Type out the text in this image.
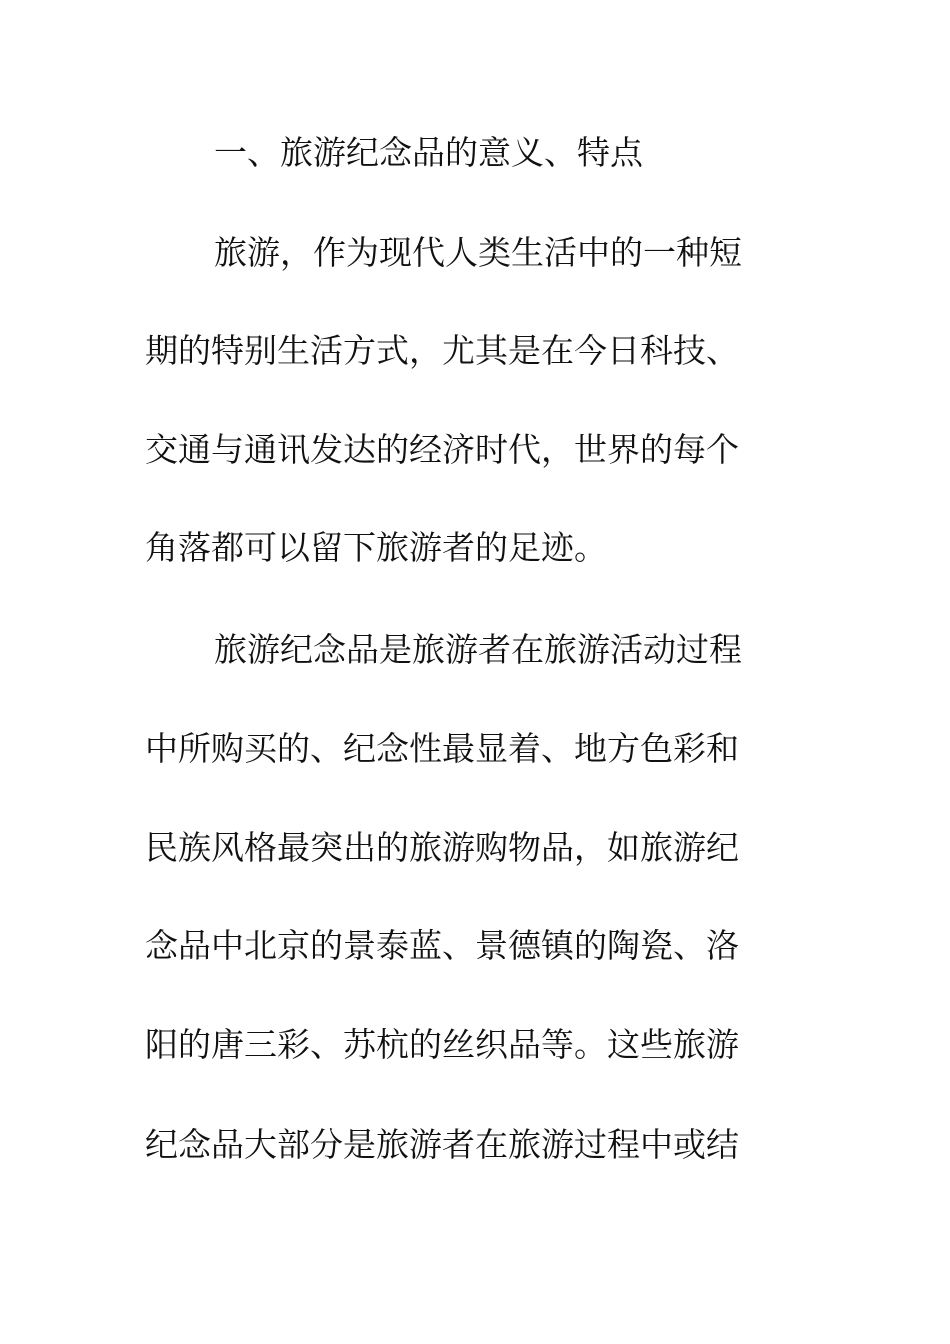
一、旅游纪念品的意义、特点
旅游，作为现代人类生活中的一种短
期的特别生活方式，尤其是在今日科技、
交通与通讯发达的经济时代，世界的每个
角落都可以留下旅游者的足迹。
旅游纪念品是旅游者在旅游活动过程
中所购买的、纪念性最显着、地方色彩和
民族风格最突出的旅游购物品，如旅游纪
念品中北京的景泰蓝、景德镇的陶瓷、洛
阳的唐三彩、苏杭的丝织品等。这些旅游
纪念品大部分是旅游者在旅游过程中或结
